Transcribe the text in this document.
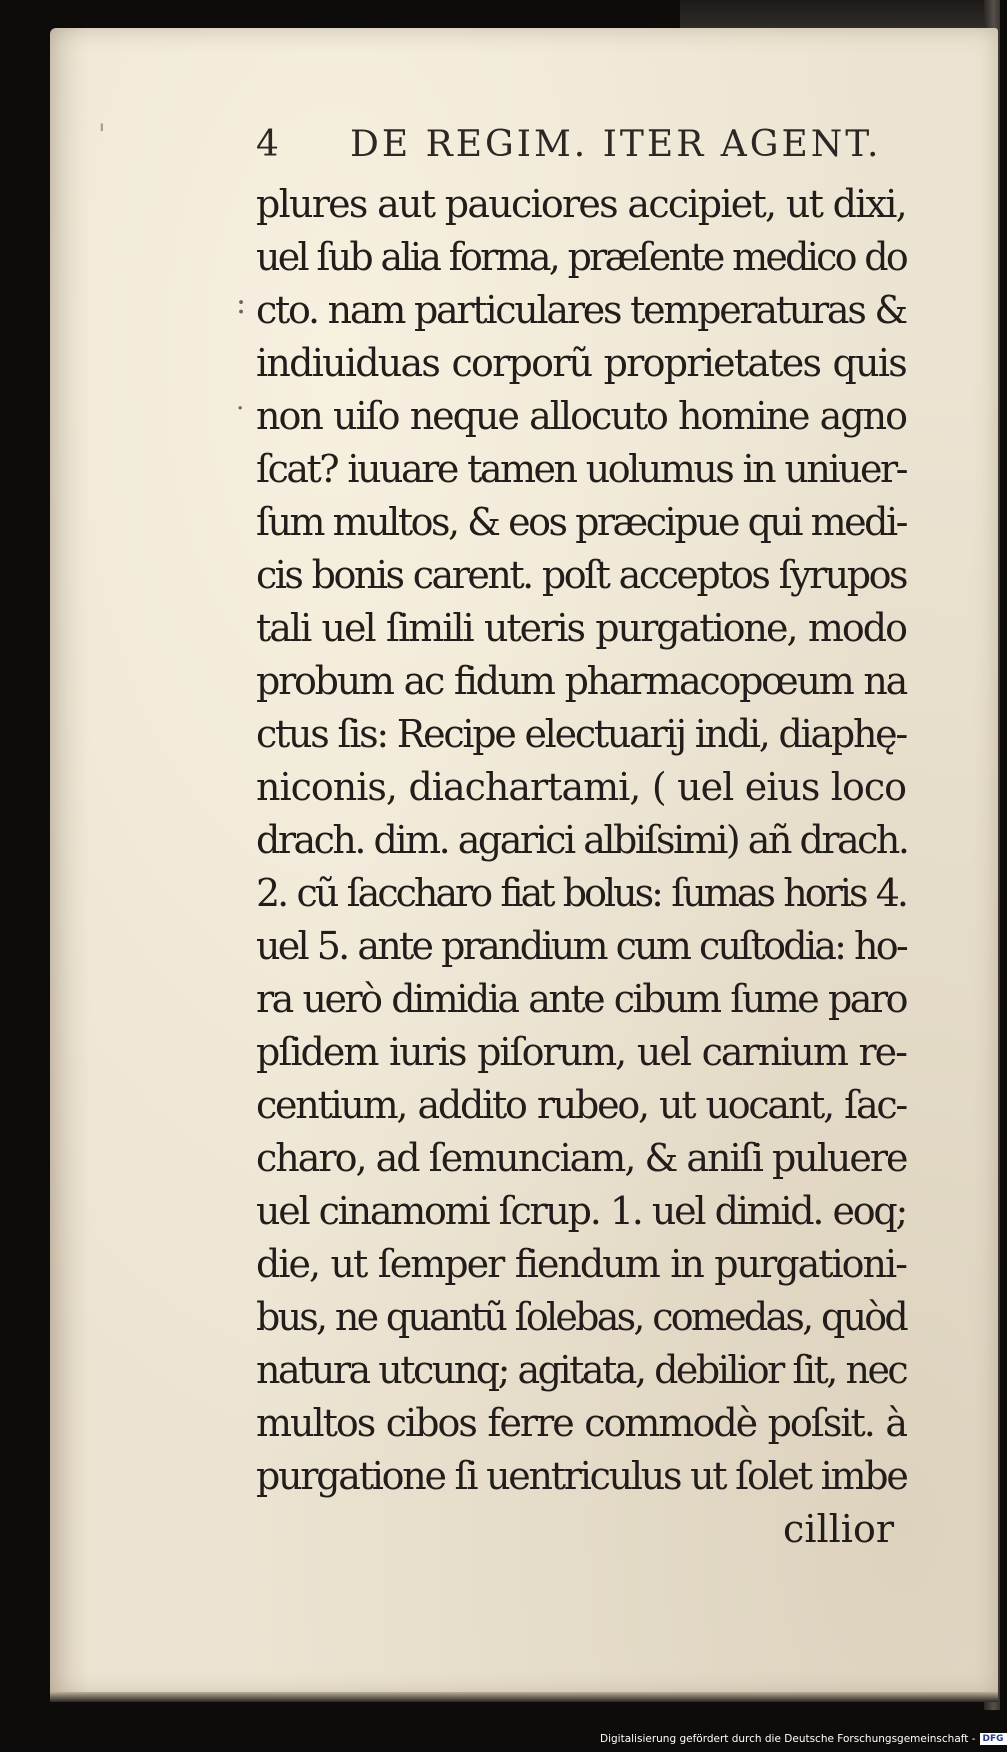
'	4 DE REGIM. ITER AGENT.
:
.
plures aut pauciores accipiet, ut dixi,
uel ſub alia forma, præſente medico do
cto. nam particulares temperaturas &
indiuiduas corporũ proprietates quis
non uiſo neque allocuto homine agno
ſcat? iuuare tamen uolumus in uniuer-
ſum multos, & eos præcipue qui medi-
cis bonis carent. poſt acceptos ſyrupos
tali uel ſimili uteris purgatione, modo
probum ac fidum pharmacopœum na
ctus ſis: Recipe electuarij indi, diaphę-
niconis, diachartami, ( uel eius loco
drach. dim. agarici albiſsimi) añ drach.
2. cũ ſaccharo fiat bolus: ſumas horis 4.
uel 5. ante prandium cum cuſtodia: ho-
ra uerò dimidia ante cibum ſume paro
pſidem iuris piſorum, uel carnium re-
centium, addito rubeo, ut uocant, ſac-
charo, ad ſemunciam, & aniſi puluere
uel cinamomi ſcrup. 1. uel dimid. eoq;
die, ut ſemper fiendum in purgationi-
bus, ne quantũ ſolebas, comedas, quòd
natura utcunq; agitata, debilior ſit, nec
multos cibos ferre commodè poſsit. à
purgatione ſi uentriculus ut ſolet imbe
cillior
Digitalisierung gefördert durch die Deutsche Forschungsgemeinschaft - DFG
